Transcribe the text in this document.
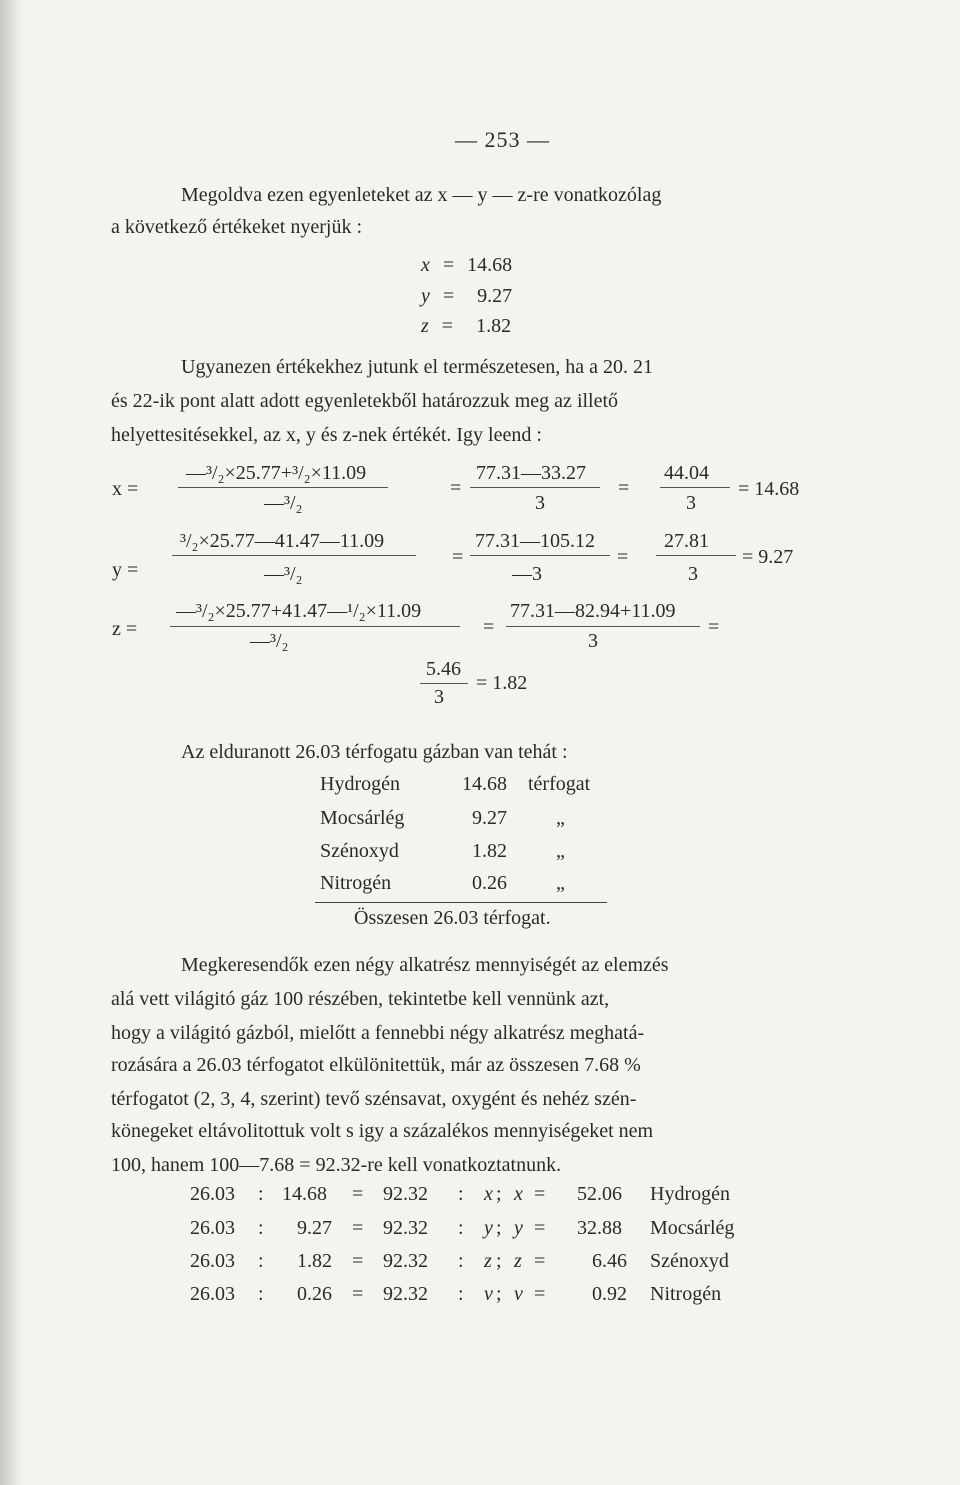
— 253 —
Megoldva ezen egyenleteket az x — y — z-re vonatkozólag
a következő értékeket nyerjük :
x = 14.68
y = 9.27
z = 1.82
Ugyanezen értékekhez jutunk el természetesen, ha a 20. 21
és 22-ik pont alatt adott egyenletekből határozzuk meg az illető
helyettesitésekkel, az x, y és z-nek értékét. Igy leend :
x =
—³/₂×25.77+³/₂×11.09
—³/₂
=
77.31—33.27
3
=
44.04
3
= 14.68
y =
³/₂×25.77—41.47—11.09
—³/₂
=
77.31—105.12
—3
=
27.81
3
= 9.27
z =
—³/₂×25.77+41.47—¹/₂×11.09
—³/₂
=
77.31—82.94+11.09
3
=
5.46
3
= 1.82
Az elduranott 26.03 térfogatu gázban van tehát :
Hydrogén	14.68 térfogat
Mocsárlég	9.27 „
Szénoxyd	1.82 „
Nitrogén	0.26 „
Összesen 26.03 térfogat.
Megkeresendők ezen négy alkatrész mennyiségét az elemzés
alá vett világitó gáz 100 részében, tekintetbe kell vennünk azt,
hogy a világitó gázból, mielőtt a fennebbi négy alkatrész meghatá-
rozására a 26.03 térfogatot elkülönitettük, már az összesen 7.68 %
térfogatot (2, 3, 4, szerint) tevő szénsavat, oxygént és nehéz szén-
könegeket eltávolitottuk volt s igy a százalékos mennyiségeket nem
100, hanem 100—7.68 = 92.32-re kell vonatkoztatnunk.
26.03 : 14.68 = 92.32 : x ; x = 52.06 Hydrogén
26.03 : 9.27 = 92.32 : y ; y = 32.88 Mocsárlég
26.03 : 1.82 = 92.32 : z ; z = 6.46 Szénoxyd
26.03 : 0.26 = 92.32 : v ; v = 0.92 Nitrogén
